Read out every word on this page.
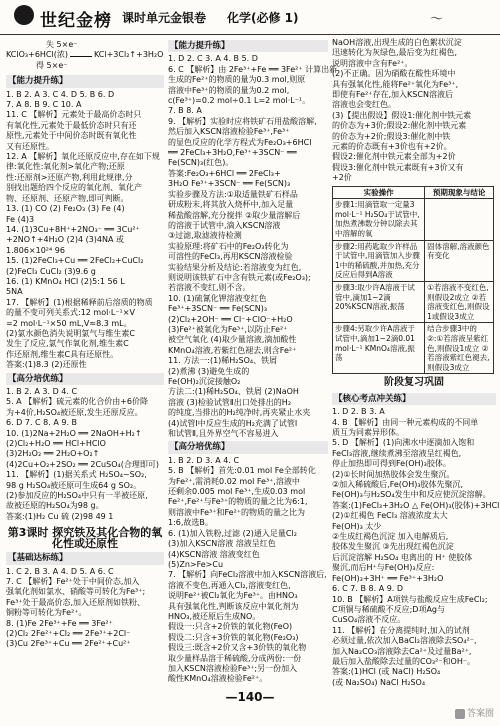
世纪金榜 课时单元金银卷 化学(必修 1)	〜
失 5×e⁻
KClO₃+6HCl(浓)	KCl+3Cl₂↑+3H₂O
得 5×e⁻
【能力提升练】
1. B 2. A 3. C 4. D 5. B 6. D
7. A 8. B 9. C 10. A
11. C 【解析】元素处于最高价态时只
有氧化性,元素处于最低价态时只有还
原性,元素处于中间价态时既有氧化性
又有还原性。
12. A 【解析】氧化还原反应中,存在如下规
律:氧化性:氧化剂>氧化产物;还原
性:还原剂>还原产物,利用此规律,分
别找出题给四个反应的氧化剂、氧化产
物、还原剂、还原产物,即可判断。
13. (1) CO (2) Fe₂O₃ (3) Fe (4)
Fe (4)3
14. (1)3Cu+8H⁺+2NO₃⁻ ══ 3Cu²⁺
+2NO↑+4H₂O (2)4 (3)4NA 或
1.806×10²⁴ 96
15. (1)2FeCl₃+Cu ══ 2FeCl₂+CuCl₂
(2)FeCl₃ CuCl₂ (3)9.6 g
16. (1) KMnO₄ HCl (2)5:1 56 L
5NA
17. 【解析】(1)根据稀释前后溶质的物质
的量不变可列关系式:12 mol·L⁻¹×V
=2 mol·L⁻¹×50 mL,V≈8.3 mL。
(2)氯水颜色消失说明氯气与维生素C
发生了反应,氯气作氧化剂,维生素C
作还原剂,维生素C具有还原性。
答案:(1)8.3 (2)还原性
【高分培优练】
1. B 2. A 3. D 4. C
5. A 【解析】硫元素的化合价由+6价降
为+4价,H₂SO₄被还原,发生还原反应。
6. D 7. C 8. A 9. B
10. (1)2Na+2H₂O ══ 2NaOH+H₂↑
(2)Cl₂+H₂O ══ HCl+HClO
(3)2H₂O₂ ══ 2H₂O+O₂↑
(4)2Cu+O₂+2SO₂ ══ 2CuSO₄(合理即可)
11. 【解析】(1)据关系式 H₂SO₄~SO₂,
98 g H₂SO₄被还原可生成64 g SO₂。
(2)参加反应的H₂SO₄中只有一半被还原,
故被还原的H₂SO₄为98 g。
答案:(1)H₂ Cu 硫 (2)98 49 1
第3课时 探究铁及其化合物的氧化性或还原性
【基础达标练】
1. C 2. B 3. A 4. D 5. A 6. C
7. C 【解析】Fe²⁺处于中间价态,加入
强氧化剂如氯水、硝酸等可转化为Fe³⁺;
Fe³⁺处于最高价态,加入还原剂如铁粉、
铜粉等可转化为Fe²⁺。
8. (1)Fe 2Fe³⁺+Fe ══ 3Fe²⁺
(2)Cl₂ 2Fe²⁺+Cl₂ ══ 2Fe³⁺+2Cl⁻
(3)Cu 2Fe³⁺+Cu ══ 2Fe²⁺+Cu²⁺
【能力提升练】
1. D 2. C 3. A 4. B 5. D
6. C 【解析】由 2Fe³⁺+Fe ══ 3Fe²⁺ 计算出新
生成的Fe²⁺的物质的量为0.3 mol,则原
溶液中Fe³⁺的物质的量为0.2 mol,
c(Fe³⁺)=0.2 mol÷0.1 L=2 mol·L⁻¹。
7. B 8. A
9. 【解析】实验时应将铁矿石用盐酸溶解,
然后加入KSCN溶液检验Fe³⁺,Fe³⁺
的显色反应的化学方程式为Fe₂O₃+6HCl
══ 2FeCl₃+3H₂O,Fe³⁺+3SCN⁻ ══
Fe(SCN)₃(红色)。
答案:Fe₂O₃+6HCl ══ 2FeCl₃+
3H₂O Fe³⁺+3SCN⁻ ══ Fe(SCN)₃
实验步骤及方法:①取适量铁矿石样品
研成粉末,将其放入烧杯中,加入足量
稀盐酸溶解,充分搅拌 ②取少量溶解后
的溶液于试管中,滴入KSCN溶液
③过滤,取滤液待检测
实验原理:将矿石中的Fe₂O₃转化为
可溶性的FeCl₃,再用KSCN溶液检验
实验结果分析及结论:若溶液变为红色,
则说明该铁矿石中含有铁元素(或Fe₂O₃);
若溶液不变红,则不含。
10. (1)硫氰化钾溶液变红色
Fe³⁺+3SCN⁻ ══ Fe(SCN)₃
(2)Cl₂+2OH⁻ ══ Cl⁻+ClO⁻+H₂O
(3)Fe²⁺被氧化为Fe³⁺,以防止Fe²⁺
被空气氧化 (4)取少量溶液,滴加酸性
KMnO₄溶液,若紫红色褪去,则含Fe²⁺
11. 方法一:(1)稀H₂SO₄、铁屑
(2)煮沸 (3)避免生成的
Fe(OH)₂沉淀接触O₂
方法二:(1)稀H₂SO₄、铁屑 (2)NaOH
溶液 (3)检验试管Ⅱ出口处排出的H₂
的纯度,当排出的H₂纯净时,再夹紧止水夹
(4)试管Ⅰ中反应生成的H₂充满了试管Ⅰ
和试管Ⅱ,且外界空气不容易进入
【高分培优练】
1. B 2. D 3. A 4. C
5. B 【解析】首先:0.01 mol Fe全部转化
为Fe²⁺,需消耗0.02 mol Fe³⁺,溶液中
还剩余0.005 mol Fe³⁺,生成0.03 mol
Fe²⁺,Fe²⁺与Fe³⁺的物质的量之比为6:1,
则溶液中Fe³⁺和Fe²⁺的物质的量之比为
1:6,故选B。
6. (1)加入铁粉,过滤 (2)通入足量Cl₂
(3)加入KSCN溶液 溶液呈红色
(4)KSCN溶液 溶液变红色
(5)Zn>Fe>Cu
7. 【解析】向FeCl₂溶液中加入KSCN溶液后,
溶液不变色,再通入Cl₂,溶液变红色,
说明Fe²⁺被Cl₂氧化为Fe³⁺。由HNO₃
具有强氧化性,判断该反应中氧化剂为
HNO₃,被还原后生成NO。
假设一:只含+2价铁的氧化物(FeO)
假设二:只含+3价铁的氧化物(Fe₂O₃)
假设三:既含+2价又含+3价铁的氧化物
取少量样品溶于稀硫酸,分成两份:一份
加入KSCN溶液检验Fe³⁺;另一份加入
酸性KMnO₄溶液检验Fe²⁺。
NaOH溶液,出现生成的白色絮状沉淀
迅速转化为灰绿色,最后变为红褐色,
说明溶液中含有Fe²⁺。
(2)不正确。因为硝酸在酸性环境中
具有强氧化性,能将Fe²⁺氧化为Fe³⁺,
即使有Fe²⁺存在,加入KSCN溶液后
溶液也会变红色。
(3)【提出假设】假设1:催化剂中铁元素
的价态为+3价;假设2:催化剂中铁元素
的价态为+2价;假设3:催化剂中铁
元素的价态既有+3价也有+2价。
假设2:催化剂中铁元素全部为+2价
假设3:催化剂中铁元素既有+3价又有
+2价
实验操作	预期现象与结论
步骤1:用滴管取一定量3 mol·L⁻¹ H₂SO₄于试管中,加热煮沸数分钟以除去其中溶解的氧	
步骤2:用药匙取少许样品于试管中,用滴管加入步骤1中的稀硫酸,并加热,充分反应后得到A溶液	固体溶解,溶液颜色有变化
步骤3:取少许A溶液于试管中,滴加1~2滴20%KSCN溶液,振荡	①若溶液不变红色,则假设2成立 ②若溶液变红色,则假设1或假设3成立
步骤4:另取少许A溶液于试管中,滴加1~2滴0.01 mol·L⁻¹ KMnO₄溶液,振荡	结合步骤3中的②:①若溶液呈紫红色,则假设1成立 ②若溶液紫红色褪去,则假设3成立
阶段复习巩固
【核心考点冲关练】
1. D 2. B 3. A
4. B 【解析】由同一种元素构成的不同单
质互为同素异形体。
5. D 【解析】(1)向沸水中逐滴加入饱和
FeCl₃溶液,继续煮沸至溶液呈红褐色,
停止加热即可得到Fe(OH)₃胶体。
(2)①长时间加热胶体会发生聚沉。
②加入稀硫酸后,Fe(OH)₃胶体先聚沉,
Fe(OH)₃与H₂SO₄发生中和反应使沉淀溶解。
答案:(1)FeCl₃+3H₂O △ Fe(OH)₃(胶体)+3HCl
(2)①红褐色 FeCl₃ 溶液浓度太大
Fe(OH)₃ 太少
②生成红褐色沉淀 加入电解质后,
胶体发生聚沉 ③先出现红褐色沉淀
后沉淀溶解 H₂SO₄ 电离出的 H⁺ 使胶体
聚沉,而后H⁺与Fe(OH)₃反应:
Fe(OH)₃+3H⁺ ══ Fe³⁺+3H₂O
6. C 7. B 8. A 9. D
10. B 【解析】A项铁与盐酸反应生成FeCl₂;
C项铜与稀硫酸不反应;D项Ag与
CuSO₄溶液不反应。
11. 【解析】在分离提纯时,加入的试剂
必须过量,依次加入BaCl₂溶液除去SO₄²⁻,
加入Na₂CO₃溶液除去Ca²⁺及过量Ba²⁺,
最后加入盐酸除去过量的CO₃²⁻和OH⁻。
答案:(1)HCl (或 NaCl) H₂SO₄
(或 Na₂SO₄) NaCl H₂SO₄
—140—
答案圈
